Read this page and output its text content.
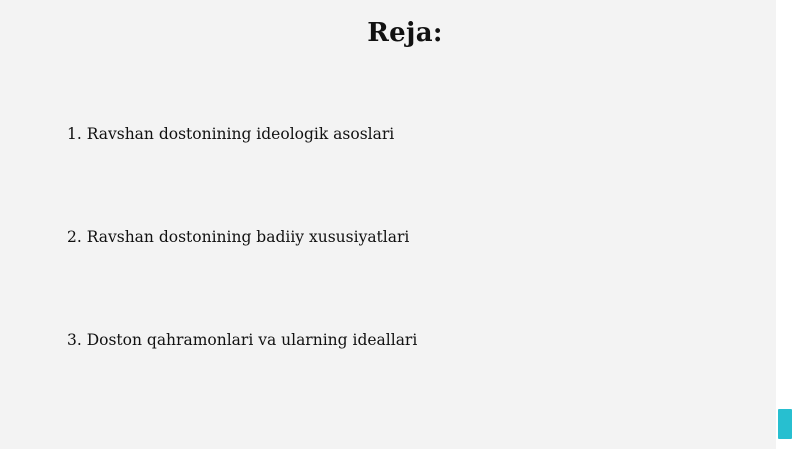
Reja:
1. Ravshan dostonining ideologik asoslari
2. Ravshan dostonining badiiy xususiyatlari
3. Doston qahramonlari va ularning ideallari
